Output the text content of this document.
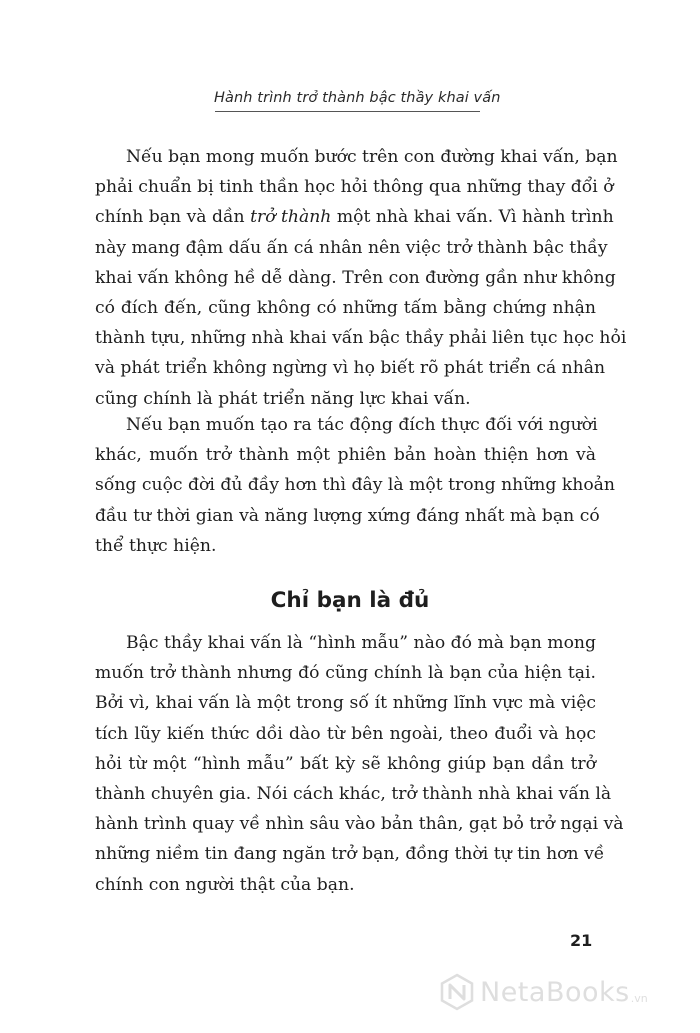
Hành trình trở thành bậc thầy khai vấn
Nếu bạn mong muốn bước trên con đường khai vấn, bạn
phải chuẩn bị tinh thần học hỏi thông qua những thay đổi ở
chính bạn và dần trở thành một nhà khai vấn. Vì hành trình
này mang đậm dấu ấn cá nhân nên việc trở thành bậc thầy
khai vấn không hề dễ dàng. Trên con đường gần như không
có đích đến, cũng không có những tấm bằng chứng nhận
thành tựu, những nhà khai vấn bậc thầy phải liên tục học hỏi
và phát triển không ngừng vì họ biết rõ phát triển cá nhân
cũng chính là phát triển năng lực khai vấn.
Nếu bạn muốn tạo ra tác động đích thực đối với người
khác, muốn trở thành một phiên bản hoàn thiện hơn và
sống cuộc đời đủ đầy hơn thì đây là một trong những khoản
đầu tư thời gian và năng lượng xứng đáng nhất mà bạn có
thể thực hiện.
Chỉ bạn là đủ
Bậc thầy khai vấn là “hình mẫu” nào đó mà bạn mong
muốn trở thành nhưng đó cũng chính là bạn của hiện tại.
Bởi vì, khai vấn là một trong số ít những lĩnh vực mà việc
tích lũy kiến thức dồi dào từ bên ngoài, theo đuổi và học
hỏi từ một “hình mẫu” bất kỳ sẽ không giúp bạn dần trở
thành chuyên gia. Nói cách khác, trở thành nhà khai vấn là
hành trình quay về nhìn sâu vào bản thân, gạt bỏ trở ngại và
những niềm tin đang ngăn trở bạn, đồng thời tự tin hơn về
chính con người thật của bạn.
21
NetaBooks .vn
